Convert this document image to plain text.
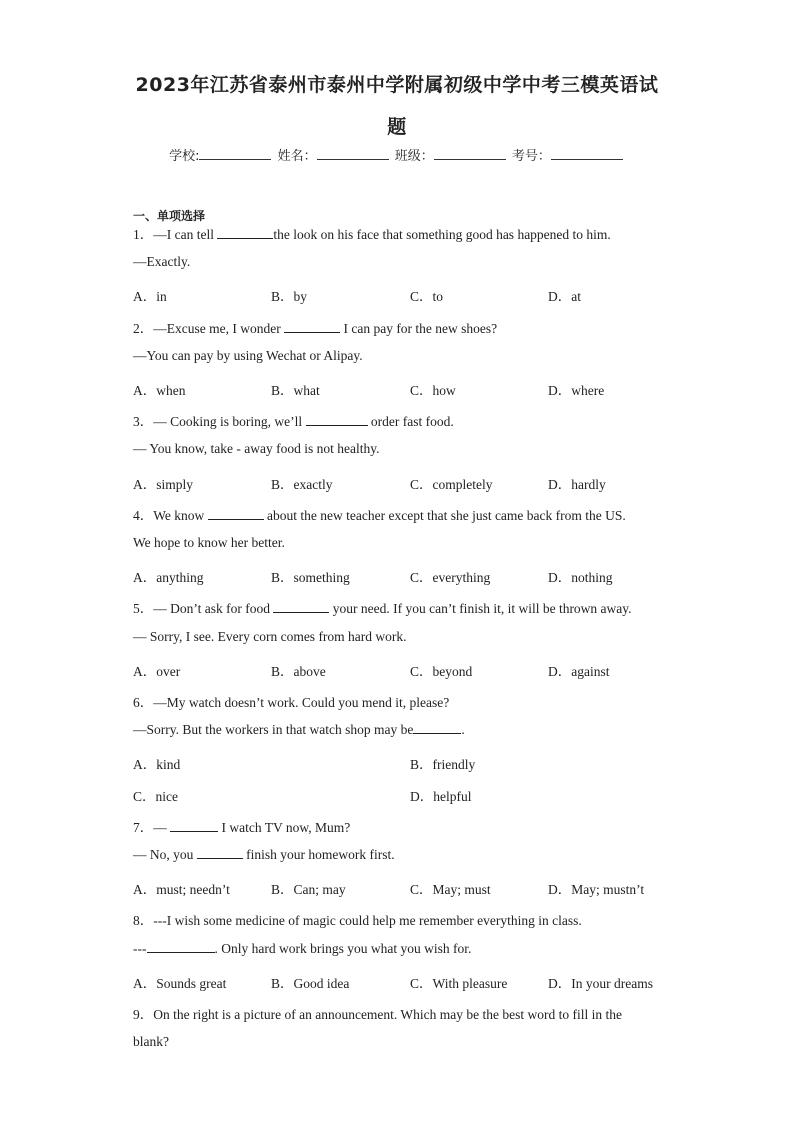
2023年江苏省泰州市泰州中学附属初级中学中考三模英语试
题
学校:	姓名：	班级：	考号：
一、单项选择
1．—I can tell	the look on his face that something good has happened to him.
—Exactly.
A．in	B．by	C．to	D．at
2．—Excuse me, I wonder	I can pay for the new shoes?
—You can pay by using Wechat or Alipay.
A．when	B．what	C．how	D．where
3．— Cooking is boring, we’ll	order fast food.
— You know, take - away food is not healthy.
A．simply	B．exactly	C．completely	D．hardly
4．We know	about the new teacher except that she just came back from the US.
We hope to know her better.
A．anything	B．something	C．everything	D．nothing
5．— Don’t ask for food	your need. If you can’t finish it, it will be thrown away.
— Sorry, I see. Every corn comes from hard work.
A．over	B．above	C．beyond	D．against
6．—My watch doesn’t work. Could you mend it, please?
—Sorry. But the workers in that watch shop may be	.
A．kind	B．friendly
C．nice	D．helpful
7．—	I watch TV now, Mum?
— No, you	finish your homework first.
A．must; needn’t	B．Can; may	C．May; must	D．May; mustn’t
8．---I wish some medicine of magic could help me remember everything in class.
---	. Only hard work brings you what you wish for.
A．Sounds great	B．Good idea	C．With pleasure	D．In your dreams
9．On the right is a picture of an announcement. Which may be the best word to fill in the
blank?
